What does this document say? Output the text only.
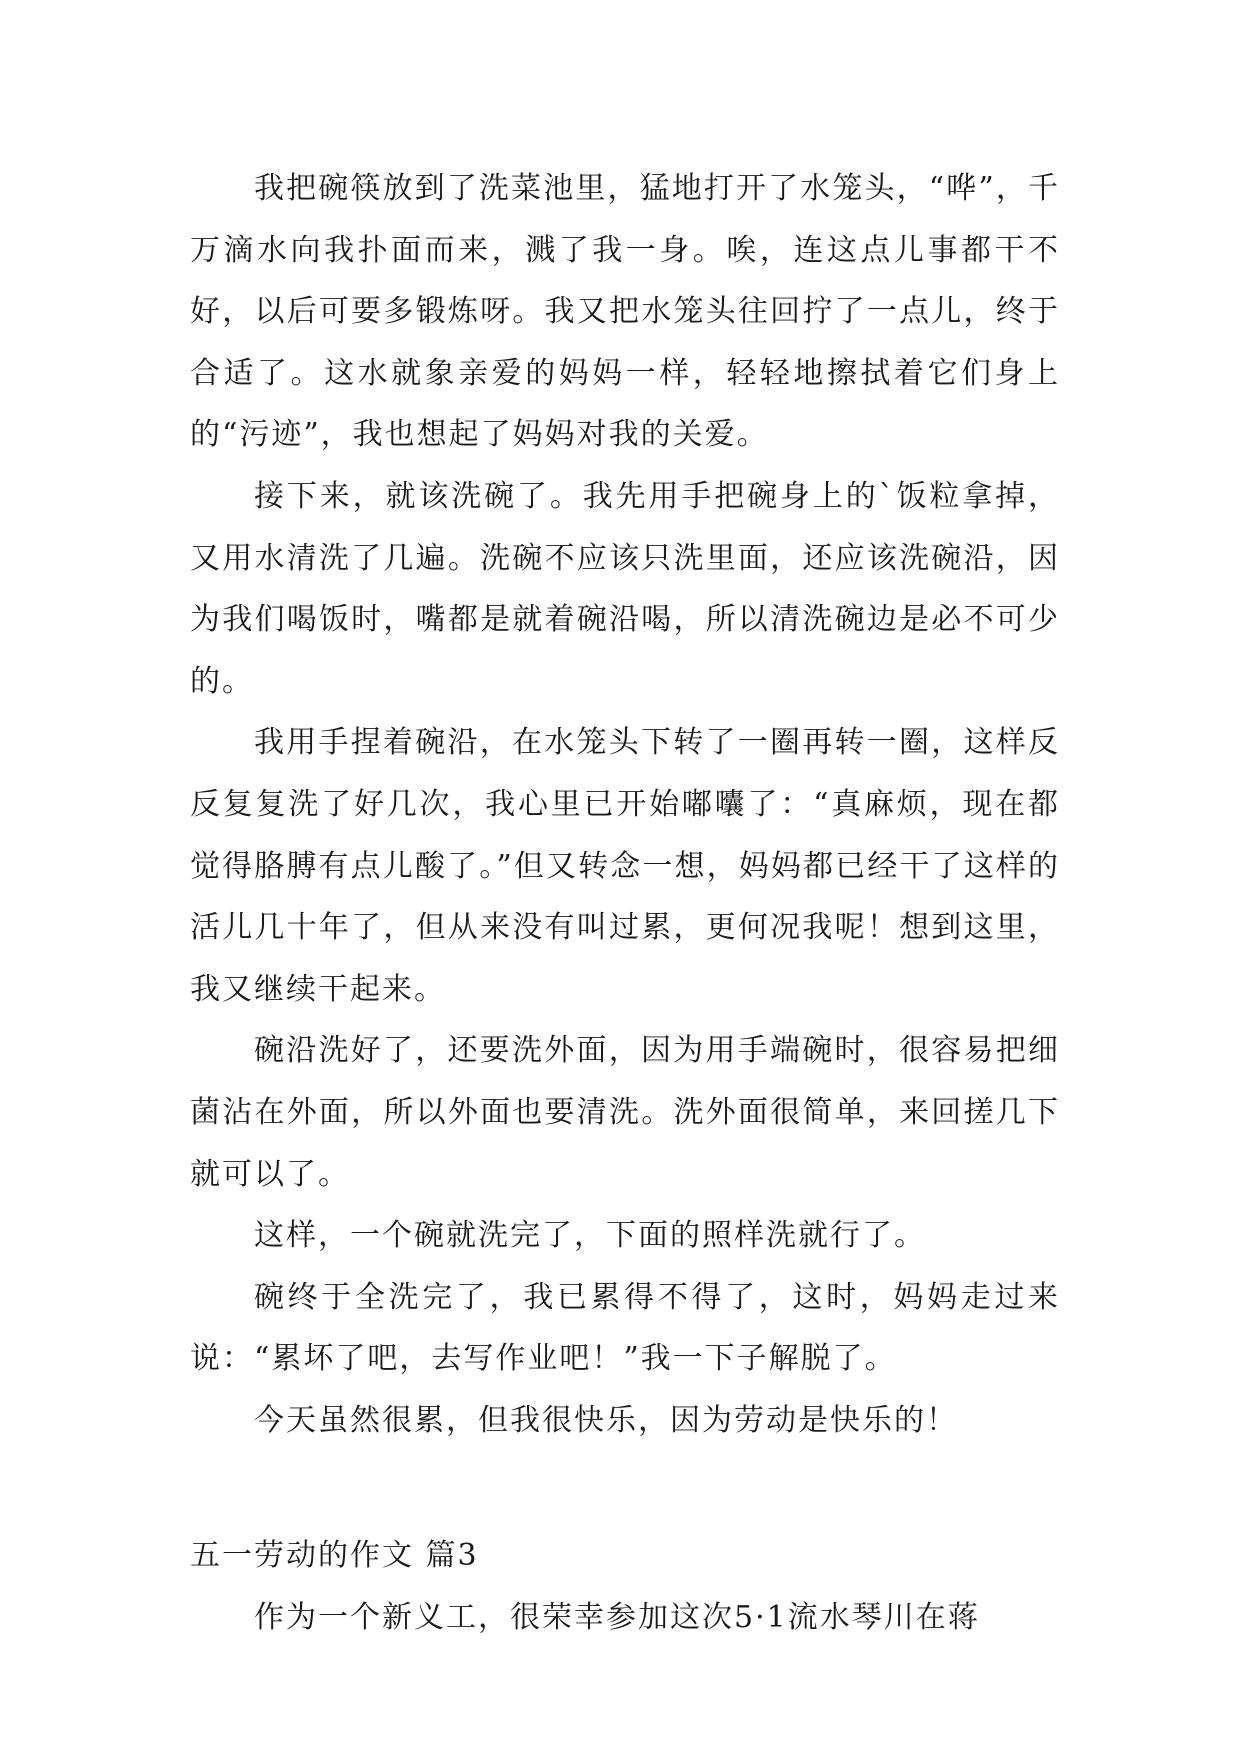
我把碗筷放到了洗菜池里，猛地打开了水笼头，“哗”，千万滴水向我扑面而来，溅了我一身。唉，连这点儿事都干不好，以后可要多锻炼呀。我又把水笼头往回拧了一点儿，终于合适了。这水就象亲爱的妈妈一样，轻轻地擦拭着它们身上的“污迹”，我也想起了妈妈对我的关爱。

接下来，就该洗碗了。我先用手把碗身上的`饭粒拿掉，又用水清洗了几遍。洗碗不应该只洗里面，还应该洗碗沿，因为我们喝饭时，嘴都是就着碗沿喝，所以清洗碗边是必不可少的。

我用手捏着碗沿，在水笼头下转了一圈再转一圈，这样反反复复洗了好几次，我心里已开始嘟囔了：“真麻烦，现在都觉得胳膊有点儿酸了。”但又转念一想，妈妈都已经干了这样的活儿几十年了，但从来没有叫过累，更何况我呢！想到这里，我又继续干起来。

碗沿洗好了，还要洗外面，因为用手端碗时，很容易把细菌沾在外面，所以外面也要清洗。洗外面很简单，来回搓几下就可以了。

这样，一个碗就洗完了，下面的照样洗就行了。

碗终于全洗完了，我已累得不得了，这时，妈妈走过来说：“累坏了吧，去写作业吧！”我一下子解脱了。

今天虽然很累，但我很快乐，因为劳动是快乐的！

五一劳动的作文 篇3

作为一个新义工，很荣幸参加这次5·1流水琴川在蒋
